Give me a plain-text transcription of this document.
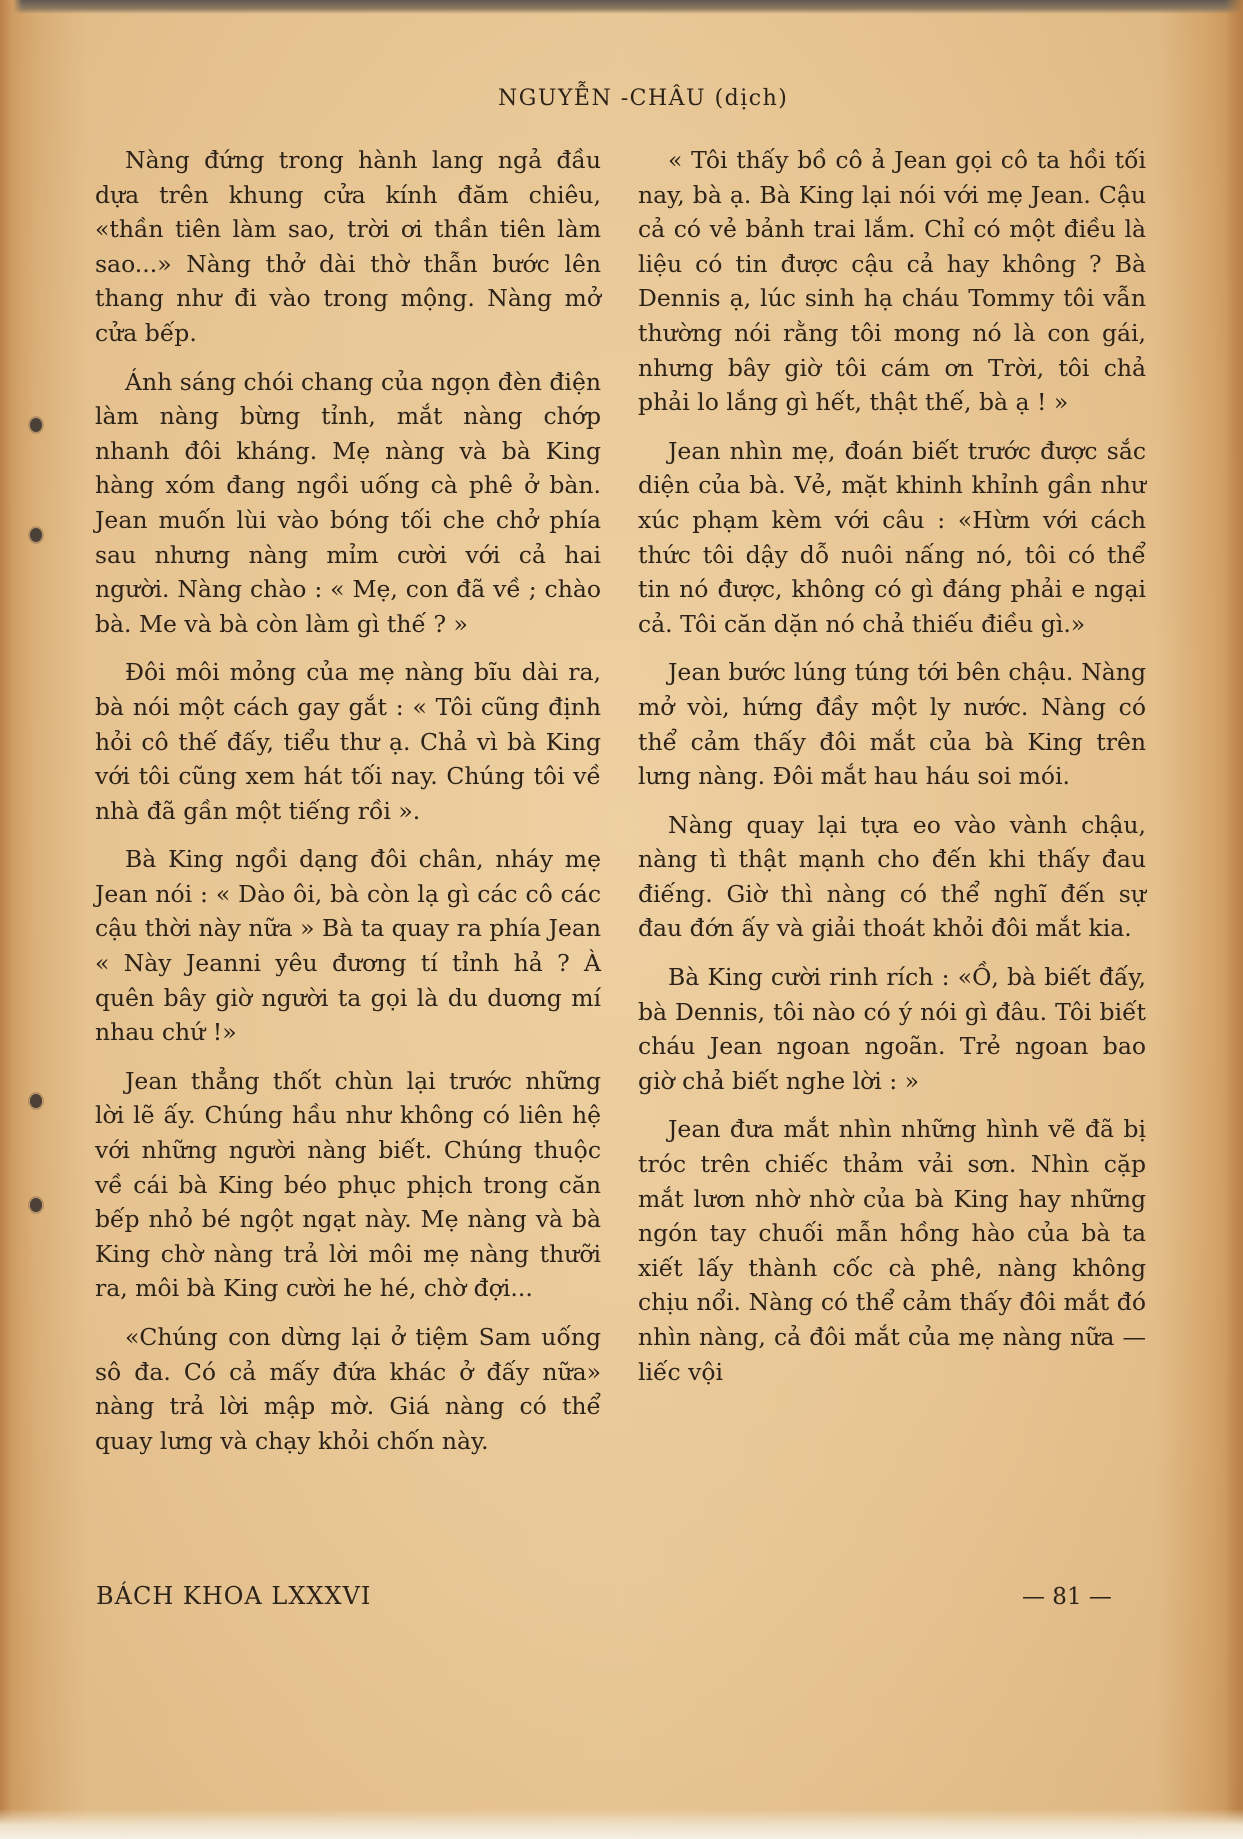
NGUYỄN -CHÂU (dịch)

Nàng đứng trong hành lang ngả đầu dựa trên khung cửa kính đăm chiêu, «thần tiên làm sao, trời ơi thần tiên làm sao...» Nàng thở dài thờ thẫn bước lên thang như đi vào trong mộng. Nàng mở cửa bếp.

Ánh sáng chói chang của ngọn đèn điện làm nàng bừng tỉnh, mắt nàng chớp nhanh đôi kháng. Mẹ nàng và bà King hàng xóm đang ngồi uống cà phê ở bàn. Jean muốn lùi vào bóng tối che chở phía sau nhưng nàng mỉm cười với cả hai người. Nàng chào : « Mẹ, con đã về ; chào bà. Me và bà còn làm gì thế ? »

Đôi môi mỏng của mẹ nàng bĩu dài ra, bà nói một cách gay gắt : « Tôi cũng định hỏi cô thế đấy, tiểu thư ạ. Chả vì bà King với tôi cũng xem hát tối nay. Chúng tôi về nhà đã gần một tiếng rồi ».

Bà King ngồi dạng đôi chân, nháy mẹ Jean nói : « Dào ôi, bà còn lạ gì các cô các cậu thời này nữa » Bà ta quay ra phía Jean « Này Jeanni yêu đương tí tỉnh hả ? À quên bây giờ người ta gọi là du duơng mí nhau chứ !»

Jean thẳng thốt chùn lại trước những lời lẽ ấy. Chúng hầu như không có liên hệ với những người nàng biết. Chúng thuộc về cái bà King béo phục phịch trong căn bếp nhỏ bé ngột ngạt này. Mẹ nàng và bà King chờ nàng trả lời môi mẹ nàng thưỡi ra, môi bà King cười he hé, chờ đợi...

«Chúng con dừng lại ở tiệm Sam uống sô đa. Có cả mấy đứa khác ở đấy nữa» nàng trả lời mập mờ. Giá nàng có thể quay lưng và chạy khỏi chốn này.

« Tôi thấy bồ cô ả Jean gọi cô ta hồi tối nay, bà ạ. Bà King lại nói với mẹ Jean. Cậu cả có vẻ bảnh trai lắm. Chỉ có một điều là liệu có tin được cậu cả hay không ? Bà Dennis ạ, lúc sinh hạ cháu Tommy tôi vẫn thường nói rằng tôi mong nó là con gái, nhưng bây giờ tôi cám ơn Trời, tôi chả phải lo lắng gì hết, thật thế, bà ạ ! »

Jean nhìn mẹ, đoán biết trước được sắc diện của bà. Vẻ, mặt khinh khỉnh gần như xúc phạm kèm với câu : «Hừm với cách thức tôi dậy dỗ nuôi nấng nó, tôi có thể tin nó được, không có gì đáng phải e ngại cả. Tôi căn dặn nó chả thiếu điều gì.»

Jean bước lúng túng tới bên chậu. Nàng mở vòi, hứng đầy một ly nước. Nàng có thể cảm thấy đôi mắt của bà King trên lưng nàng. Đôi mắt hau háu soi mói.

Nàng quay lại tựa eo vào vành chậu, nàng tì thật mạnh cho đến khi thấy đau điếng. Giờ thì nàng có thể nghĩ đến sự đau đớn ấy và giải thoát khỏi đôi mắt kia.

Bà King cười rinh rích : «Ồ, bà biết đấy, bà Dennis, tôi nào có ý nói gì đâu. Tôi biết cháu Jean ngoan ngoãn. Trẻ ngoan bao giờ chả biết nghe lời : »

Jean đưa mắt nhìn những hình vẽ đã bị tróc trên chiếc thảm vải sơn. Nhìn cặp mắt lươn nhờ nhờ của bà King hay những ngón tay chuối mẫn hồng hào của bà ta xiết lấy thành cốc cà phê, nàng không chịu nổi. Nàng có thể cảm thấy đôi mắt đó nhìn nàng, cả đôi mắt của mẹ nàng nữa — liếc vội

BÁCH KHOA LXXXVI	— 81 —
